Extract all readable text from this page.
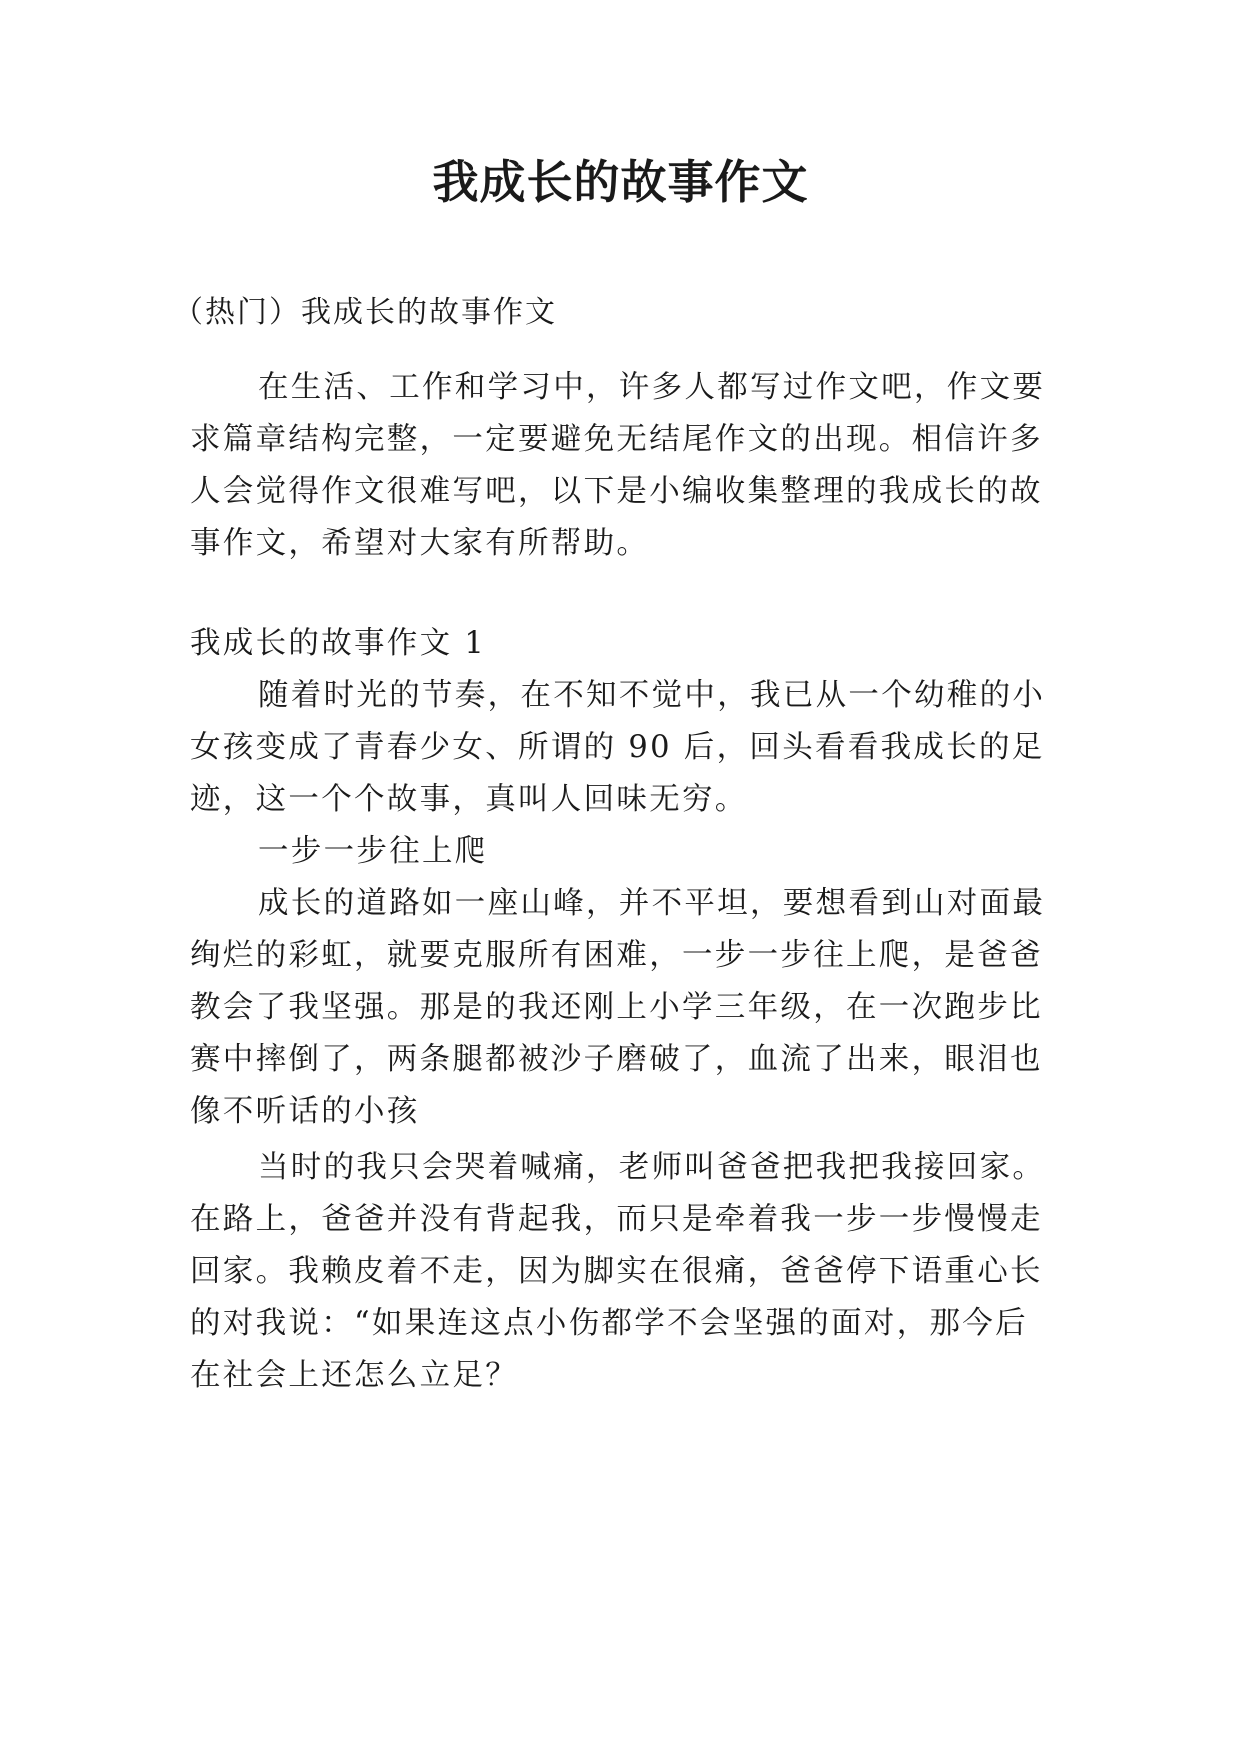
我成长的故事作文

（热门）我成长的故事作文

在生活、工作和学习中，许多人都写过作文吧，作文要

求篇章结构完整，一定要避免无结尾作文的出现。相信许多

人会觉得作文很难写吧，以下是小编收集整理的我成长的故

事作文，希望对大家有所帮助。

我成长的故事作文 1

随着时光的节奏，在不知不觉中，我已从一个幼稚的小

女孩变成了青春少女、所谓的 90 后，回头看看我成长的足

迹，这一个个故事，真叫人回味无穷。

一步一步往上爬

成长的道路如一座山峰，并不平坦，要想看到山对面最

绚烂的彩虹，就要克服所有困难，一步一步往上爬，是爸爸

教会了我坚强。那是的我还刚上小学三年级，在一次跑步比

赛中摔倒了，两条腿都被沙子磨破了，血流了出来，眼泪也

像不听话的小孩

当时的我只会哭着喊痛，老师叫爸爸把我把我接回家。

在路上，爸爸并没有背起我，而只是牵着我一步一步慢慢走

回家。我赖皮着不走，因为脚实在很痛，爸爸停下语重心长

的对我说：“如果连这点小伤都学不会坚强的面对，那今后

在社会上还怎么立足？
